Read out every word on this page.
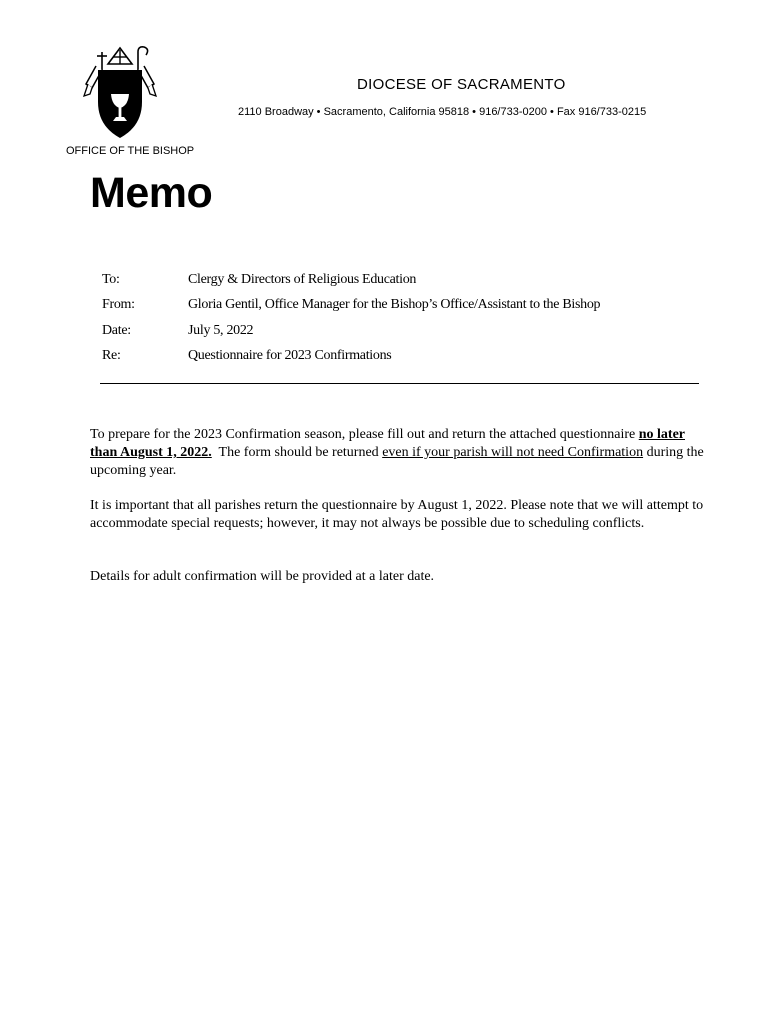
DIOCESE OF SACRAMENTO
2110 Broadway • Sacramento, California 95818 • 916/733-0200 • Fax 916/733-0215
OFFICE OF THE BISHOP
Memo
To:	Clergy & Directors of Religious Education
From:	Gloria Gentil, Office Manager for the Bishop’s Office/Assistant to the Bishop
Date:	July 5, 2022
Re:	Questionnaire for 2023 Confirmations
To prepare for the 2023 Confirmation season, please fill out and return the attached questionnaire no later than August 1, 2022.  The form should be returned even if your parish will not need Confirmation during the upcoming year.
It is important that all parishes return the questionnaire by August 1, 2022. Please note that we will attempt to accommodate special requests; however, it may not always be possible due to scheduling conflicts.
Details for adult confirmation will be provided at a later date.
